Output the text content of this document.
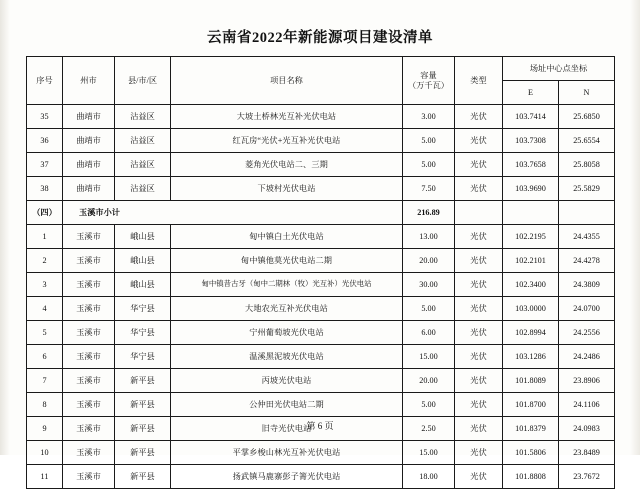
云南省2022年新能源项目建设清单
序号	州市	县/市/区	项目名称	容量
（万千瓦）	类型	场址中心点坐标	
						E	N
35	曲靖市	沾益区	大坡土桥林光互补光伏电站	3.00	光伏	103.7414	25.6850
36	曲靖市	沾益区	红瓦房“光伏+光互补光伏电站	5.00	光伏	103.7308	25.6554
37	曲靖市	沾益区	菱角光伏电站二、三期	5.00	光伏	103.7658	25.8058
38	曲靖市	沾益区	下坡村光伏电站	7.50	光伏	103.9690	25.5829
（四）	玉溪市小计			216.89			
1	玉溪市	峨山县	甸中镇白土光伏电站	13.00	光伏	102.2195	24.4355
2	玉溪市	峨山县	甸中镇他莫光伏电站二期	20.00	光伏	102.2101	24.4278
3	玉溪市	峨山县	甸中镇昔古牙（甸中二期林（牧）光互补）光伏电站	30.00	光伏	102.3400	24.3809
4	玉溪市	华宁县	大地农光互补光伏电站	5.00	光伏	103.0000	24.0700
5	玉溪市	华宁县	宁州葡萄坡光伏电站	6.00	光伏	102.8994	24.2556
6	玉溪市	华宁县	温溪黑泥坡光伏电站	15.00	光伏	103.1286	24.2486
7	玉溪市	新平县	丙坡光伏电站	20.00	光伏	101.8089	23.8906
8	玉溪市	新平县	公仲田光伏电站二期	5.00	光伏	101.8700	24.1106
9	玉溪市	新平县	旧寺光伏电站	2.50	光伏	101.8379	24.0983
10	玉溪市	新平县	平掌乡梭山林光互补光伏电站	15.00	光伏	101.5806	23.8489
11	玉溪市	新平县	扬武镇马鹿寨彭子箐光伏电站	18.00	光伏	101.8808	23.7672
第 6 页
